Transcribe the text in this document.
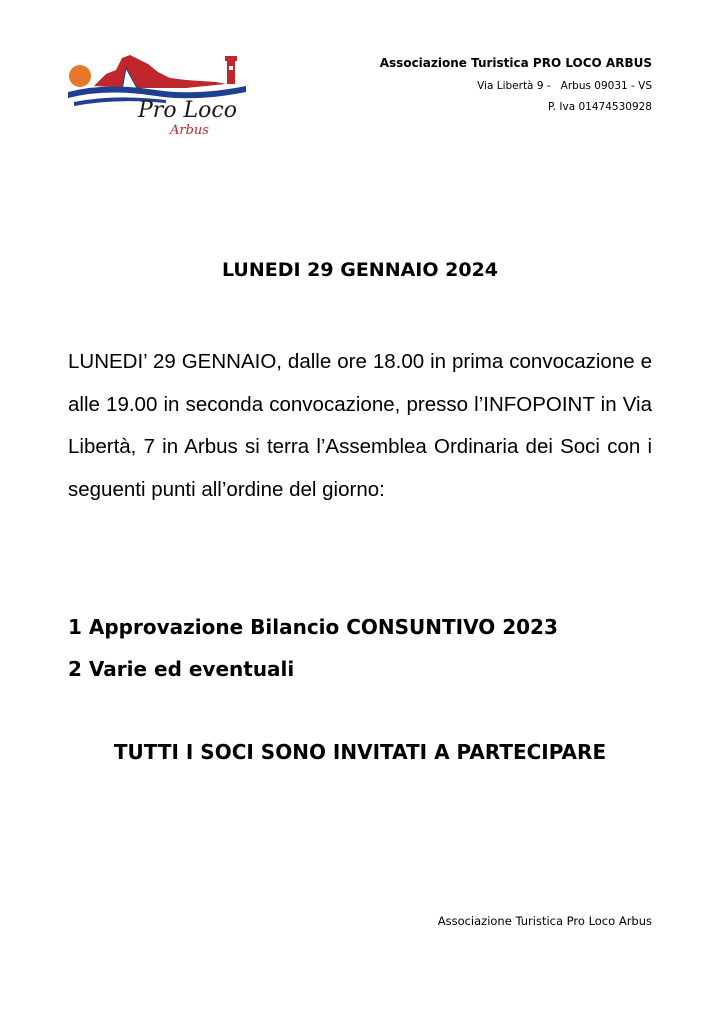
Pro Loco
Arbus
Associazione Turistica PRO LOCO ARBUS
Via Libertà 9 -   Arbus 09031 - VS
P. Iva 01474530928
LUNEDI 29 GENNAIO 2024
LUNEDI’ 29 GENNAIO, dalle ore 18.00 in prima convocazione e alle 19.00 in seconda convocazione, presso l’INFOPOINT in Via Libertà, 7 in Arbus si terra l’Assemblea Ordinaria dei Soci con i seguenti punti all’ordine del giorno:
1 Approvazione Bilancio CONSUNTIVO 2023
2 Varie ed eventuali
TUTTI I SOCI SONO INVITATI A PARTECIPARE
Associazione Turistica Pro Loco Arbus
